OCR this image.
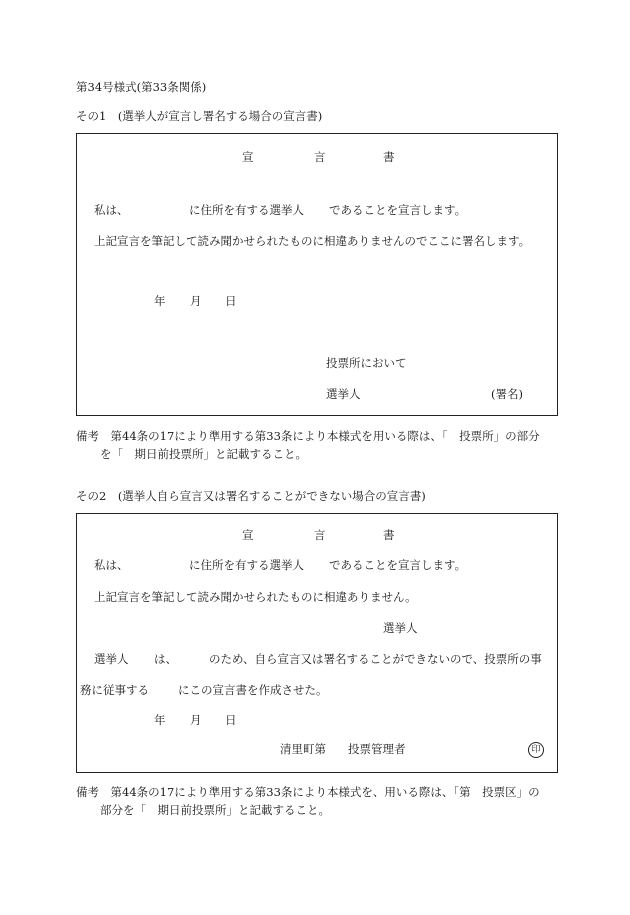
第34号様式(第33条関係)
その1　(選挙人が宣言し署名する場合の宣言書)
宣	言	書
私は、	に住所を有する選挙人 であることを宣言します。
上記宣言を筆記して読み聞かせられたものに相違ありませんのでここに署名します。
年 月 日
投票所において
選挙人	(署名)
備考　第44条の17により準用する第33条により本様式を用いる際は、「　投票所」の部分
を「　期日前投票所」と記載すること。
その2　(選挙人自ら宣言又は署名することができない場合の宣言書)
宣	言	書
私は、	に住所を有する選挙人 であることを宣言します。
上記宣言を筆記して読み聞かせられたものに相違ありません。
選挙人
選挙人 は、	のため、自ら宣言又は署名することができないので、投票所の事
務に従事する	にこの宣言書を作成させた。
年 月 日
清里町第 投票管理者	印
備考　第44条の17により準用する第33条により本様式を、用いる際は、「第　投票区」の
部分を「　期日前投票所」と記載すること。
